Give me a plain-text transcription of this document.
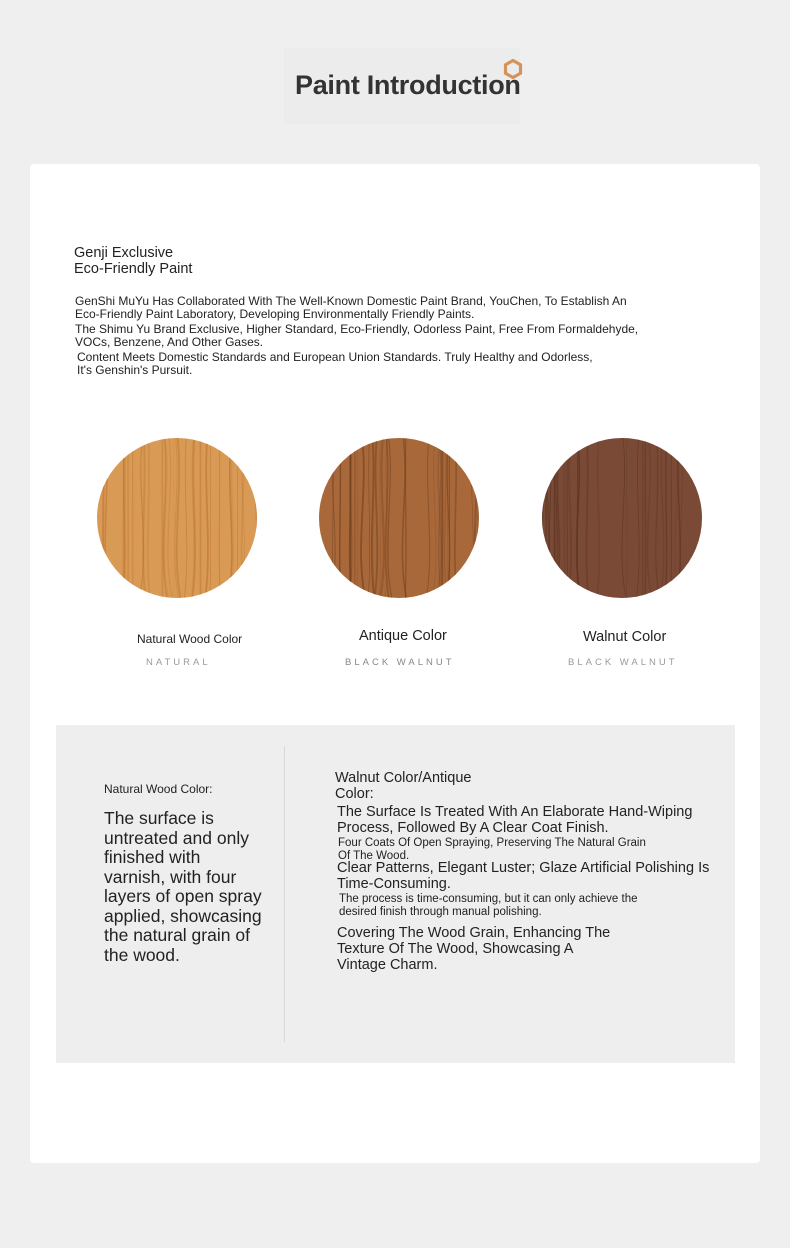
Paint Introduction
Genji Exclusive
Eco-Friendly Paint
GenShi MuYu Has Collaborated With The Well-Known Domestic Paint Brand, YouChen, To Establish An
Eco-Friendly Paint Laboratory, Developing Environmentally Friendly Paints.
The Shimu Yu Brand Exclusive, Higher Standard, Eco-Friendly, Odorless Paint, Free From Formaldehyde,
VOCs, Benzene, And Other Gases.
Content Meets Domestic Standards and European Union Standards. Truly Healthy and Odorless,
It's Genshin's Pursuit.
Natural Wood Color	Antique Color	Walnut Color
NATURAL	BLACK WALNUT	BLACK WALNUT
Natural Wood Color:
The surface is untreated and only finished with varnish, with four layers of open spray applied, showcasing the natural grain of the wood.
Walnut Color/Antique Color:
The Surface Is Treated With An Elaborate Hand-Wiping
Process, Followed By A Clear Coat Finish.
Four Coats Of Open Spraying, Preserving The Natural Grain
Of The Wood.
Clear Patterns, Elegant Luster; Glaze Artificial Polishing Is
Time-Consuming.
The process is time-consuming, but it can only achieve the
desired finish through manual polishing.
Covering The Wood Grain, Enhancing The
Texture Of The Wood, Showcasing A
Vintage Charm.
